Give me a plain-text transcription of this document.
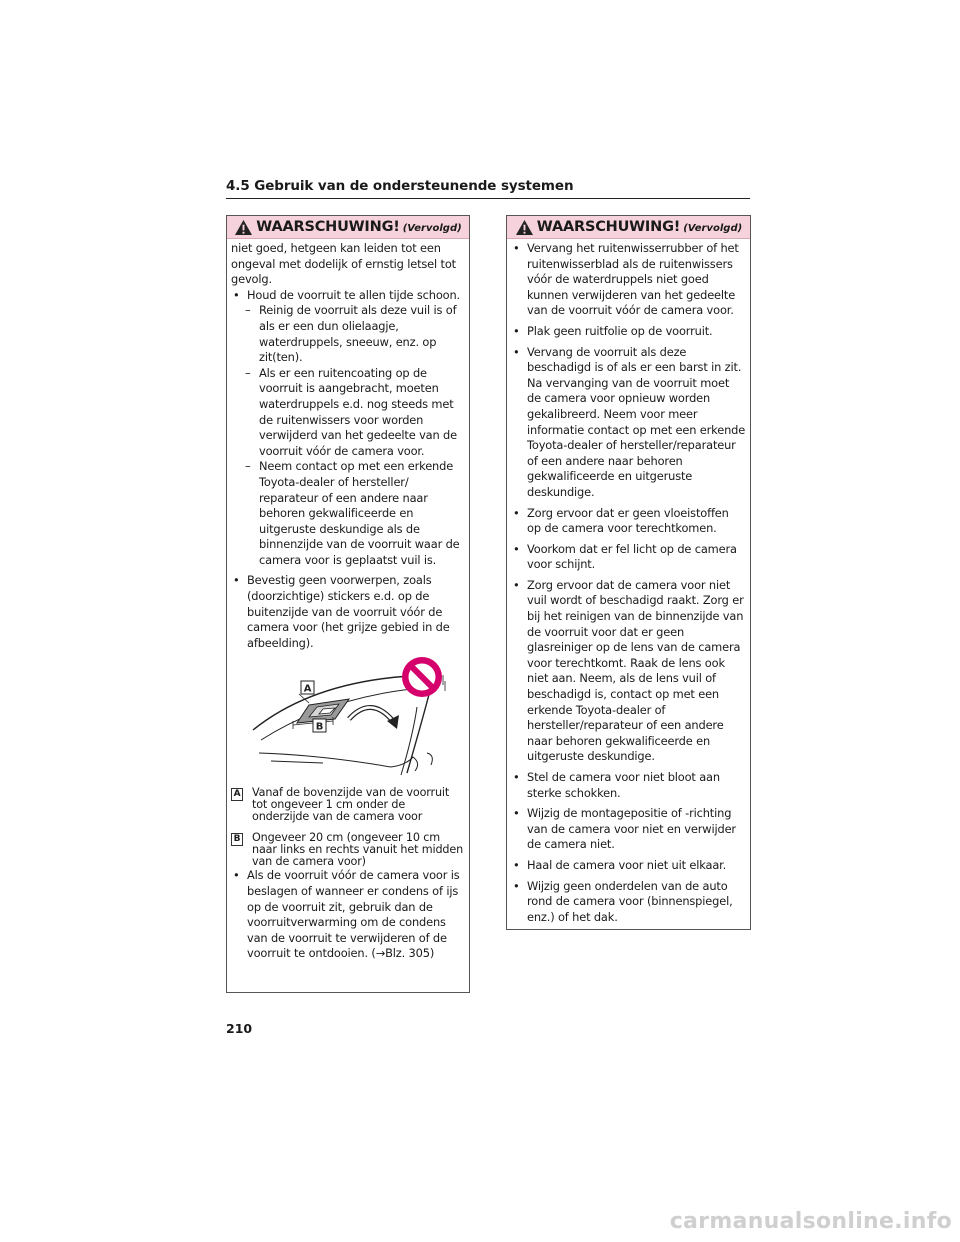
4.5 Gebruik van de ondersteunende systemen
WAARSCHUWING! (Vervolgd)

niet goed, hetgeen kan leiden tot een ongeval met dodelijk of ernstig letsel tot gevolg.

• Houd de voorruit te allen tijde schoon.

– Reinig de voorruit als deze vuil is of als er een dun olielaagje, waterdruppels, sneeuw, enz. op zit(ten).

– Als er een ruitencoating op de voorruit is aangebracht, moeten waterdruppels e.d. nog steeds met de ruitenwissers voor worden verwijderd van het gedeelte van de voorruit vóór de camera voor.

– Neem contact op met een erkende Toyota-dealer of hersteller/ reparateur of een andere naar behoren gekwalificeerde en uitgeruste deskundige als de binnenzijde van de voorruit waar de camera voor is geplaatst vuil is.

• Bevestig geen voorwerpen, zoals (doorzichtige) stickers e.d. op de buitenzijde van de voorruit vóór de camera voor (het grijze gebied in de afbeelding).

A
B
A Vanaf de bovenzijde van de voorruit tot ongeveer 1 cm onder de onderzijde van de camera voor
B Ongeveer 20 cm (ongeveer 10 cm naar links en rechts vanuit het midden van de camera voor)

• Als de voorruit vóór de camera voor is beslagen of wanneer er condens of ijs op de voorruit zit, gebruik dan de voorruitverwarming om de condens van de voorruit te verwijderen of de voorruit te ontdooien. (→Blz. 305)

WAARSCHUWING! (Vervolgd)

• Vervang het ruitenwisserrubber of het ruitenwisserblad als de ruitenwissers vóór de waterdruppels niet goed kunnen verwijderen van het gedeelte van de voorruit vóór de camera voor.

• Plak geen ruitfolie op de voorruit.

• Vervang de voorruit als deze beschadigd is of als er een barst in zit. Na vervanging van de voorruit moet de camera voor opnieuw worden gekalibreerd. Neem voor meer informatie contact op met een erkende Toyota-dealer of hersteller/reparateur of een andere naar behoren gekwalificeerde en uitgeruste deskundige.

• Zorg ervoor dat er geen vloeistoffen op de camera voor terechtkomen.

• Voorkom dat er fel licht op de camera voor schijnt.

• Zorg ervoor dat de camera voor niet vuil wordt of beschadigd raakt. Zorg er bij het reinigen van de binnenzijde van de voorruit voor dat er geen glasreiniger op de lens van de camera voor terechtkomt. Raak de lens ook niet aan. Neem, als de lens vuil of beschadigd is, contact op met een erkende Toyota-dealer of hersteller/reparateur of een andere naar behoren gekwalificeerde en uitgeruste deskundige.

• Stel de camera voor niet bloot aan sterke schokken.

• Wijzig de montagepositie of -richting van de camera voor niet en verwijder de camera niet.

• Haal de camera voor niet uit elkaar.

• Wijzig geen onderdelen van de auto rond de camera voor (binnenspiegel, enz.) of het dak.

210
carmanualsonline.info
